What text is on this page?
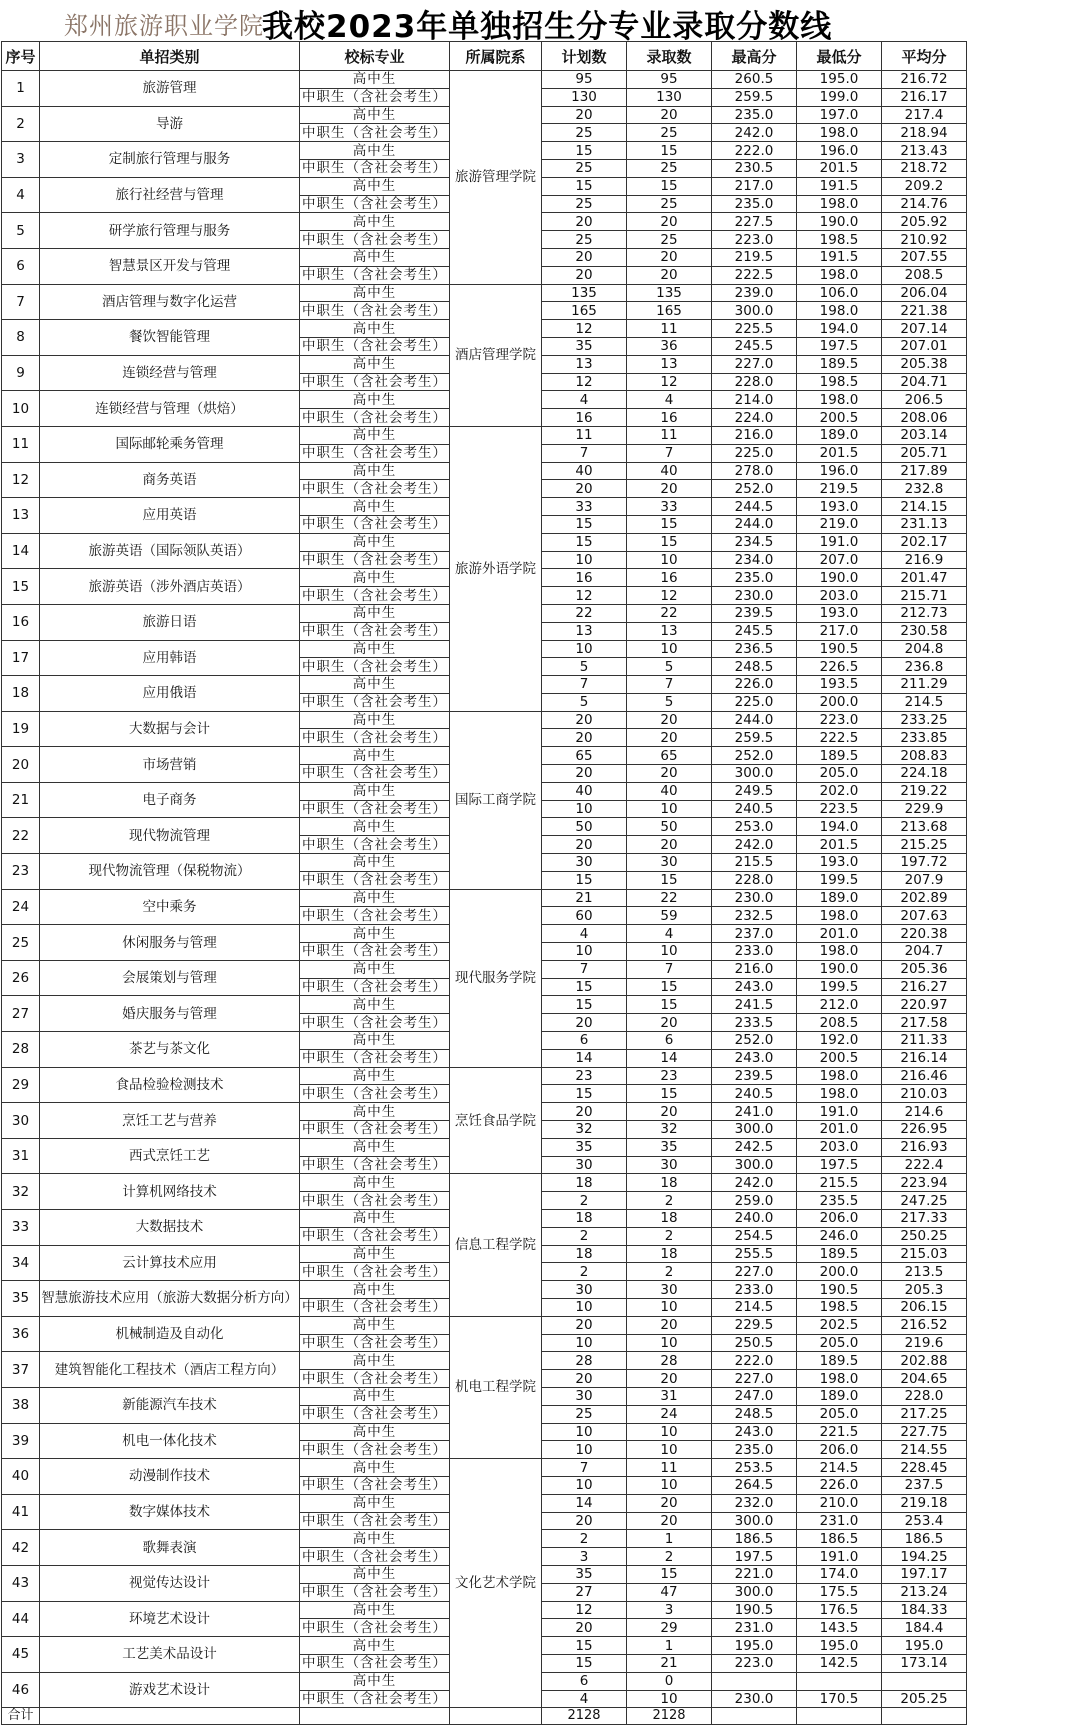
郑州旅游职业学院
我校2023年单独招生分专业录取分数线
序号	单招类别	校标专业	所属院系	计划数	录取数	最高分	最低分	平均分
1	旅游管理	高中生	旅游管理学院	95	95	260.5	195.0	216.72
		中职生（含社会考生）		130	130	259.5	199.0	216.17
2	导游	高中生		20	20	235.0	197.0	217.4
		中职生（含社会考生）		25	25	242.0	198.0	218.94
3	定制旅行管理与服务	高中生		15	15	222.0	196.0	213.43
		中职生（含社会考生）		25	25	230.5	201.5	218.72
4	旅行社经营与管理	高中生		15	15	217.0	191.5	209.2
		中职生（含社会考生）		25	25	235.0	198.0	214.76
5	研学旅行管理与服务	高中生		20	20	227.5	190.0	205.92
		中职生（含社会考生）		25	25	223.0	198.5	210.92
6	智慧景区开发与管理	高中生		20	20	219.5	191.5	207.55
		中职生（含社会考生）		20	20	222.5	198.0	208.5
7	酒店管理与数字化运营	高中生	酒店管理学院	135	135	239.0	106.0	206.04
		中职生（含社会考生）		165	165	300.0	198.0	221.38
8	餐饮智能管理	高中生		12	11	225.5	194.0	207.14
		中职生（含社会考生）		35	36	245.5	197.5	207.01
9	连锁经营与管理	高中生		13	13	227.0	189.5	205.38
		中职生（含社会考生）		12	12	228.0	198.5	204.71
10	连锁经营与管理（烘焙）	高中生		4	4	214.0	198.0	206.5
		中职生（含社会考生）		16	16	224.0	200.5	208.06
11	国际邮轮乘务管理	高中生	旅游外语学院	11	11	216.0	189.0	203.14
		中职生（含社会考生）		7	7	225.0	201.5	205.71
12	商务英语	高中生		40	40	278.0	196.0	217.89
		中职生（含社会考生）		20	20	252.0	219.5	232.8
13	应用英语	高中生		33	33	244.5	193.0	214.15
		中职生（含社会考生）		15	15	244.0	219.0	231.13
14	旅游英语（国际领队英语）	高中生		15	15	234.5	191.0	202.17
		中职生（含社会考生）		10	10	234.0	207.0	216.9
15	旅游英语（涉外酒店英语）	高中生		16	16	235.0	190.0	201.47
		中职生（含社会考生）		12	12	230.0	203.0	215.71
16	旅游日语	高中生		22	22	239.5	193.0	212.73
		中职生（含社会考生）		13	13	245.5	217.0	230.58
17	应用韩语	高中生		10	10	236.5	190.5	204.8
		中职生（含社会考生）		5	5	248.5	226.5	236.8
18	应用俄语	高中生		7	7	226.0	193.5	211.29
		中职生（含社会考生）		5	5	225.0	200.0	214.5
19	大数据与会计	高中生	国际工商学院	20	20	244.0	223.0	233.25
		中职生（含社会考生）		20	20	259.5	222.5	233.85
20	市场营销	高中生		65	65	252.0	189.5	208.83
		中职生（含社会考生）		20	20	300.0	205.0	224.18
21	电子商务	高中生		40	40	249.5	202.0	219.22
		中职生（含社会考生）		10	10	240.5	223.5	229.9
22	现代物流管理	高中生		50	50	253.0	194.0	213.68
		中职生（含社会考生）		20	20	242.0	201.5	215.25
23	现代物流管理（保税物流）	高中生		30	30	215.5	193.0	197.72
		中职生（含社会考生）		15	15	228.0	199.5	207.9
24	空中乘务	高中生	现代服务学院	21	22	230.0	189.0	202.89
		中职生（含社会考生）		60	59	232.5	198.0	207.63
25	休闲服务与管理	高中生		4	4	237.0	201.0	220.38
		中职生（含社会考生）		10	10	233.0	198.0	204.7
26	会展策划与管理	高中生		7	7	216.0	190.0	205.36
		中职生（含社会考生）		15	15	243.0	199.5	216.27
27	婚庆服务与管理	高中生		15	15	241.5	212.0	220.97
		中职生（含社会考生）		20	20	233.5	208.5	217.58
28	茶艺与茶文化	高中生		6	6	252.0	192.0	211.33
		中职生（含社会考生）		14	14	243.0	200.5	216.14
29	食品检验检测技术	高中生	烹饪食品学院	23	23	239.5	198.0	216.46
		中职生（含社会考生）		15	15	240.5	198.0	210.03
30	烹饪工艺与营养	高中生		20	20	241.0	191.0	214.6
		中职生（含社会考生）		32	32	300.0	201.0	226.95
31	西式烹饪工艺	高中生		35	35	242.5	203.0	216.93
		中职生（含社会考生）		30	30	300.0	197.5	222.4
32	计算机网络技术	高中生	信息工程学院	18	18	242.0	215.5	223.94
		中职生（含社会考生）		2	2	259.0	235.5	247.25
33	大数据技术	高中生		18	18	240.0	206.0	217.33
		中职生（含社会考生）		2	2	254.5	246.0	250.25
34	云计算技术应用	高中生		18	18	255.5	189.5	215.03
		中职生（含社会考生）		2	2	227.0	200.0	213.5
35	智慧旅游技术应用（旅游大数据分析方向）	高中生		30	30	233.0	190.5	205.3
		中职生（含社会考生）		10	10	214.5	198.5	206.15
36	机械制造及自动化	高中生	机电工程学院	20	20	229.5	202.5	216.52
		中职生（含社会考生）		10	10	250.5	205.0	219.6
37	建筑智能化工程技术（酒店工程方向）	高中生		28	28	222.0	189.5	202.88
		中职生（含社会考生）		20	20	227.0	198.0	204.65
38	新能源汽车技术	高中生		30	31	247.0	189.0	228.0
		中职生（含社会考生）		25	24	248.5	205.0	217.25
39	机电一体化技术	高中生		10	10	243.0	221.5	227.75
		中职生（含社会考生）		10	10	235.0	206.0	214.55
40	动漫制作技术	高中生	文化艺术学院	7	11	253.5	214.5	228.45
		中职生（含社会考生）		10	10	264.5	226.0	237.5
41	数字媒体技术	高中生		14	20	232.0	210.0	219.18
		中职生（含社会考生）		20	20	300.0	231.0	253.4
42	歌舞表演	高中生		2	1	186.5	186.5	186.5
		中职生（含社会考生）		3	2	197.5	191.0	194.25
43	视觉传达设计	高中生		35	15	221.0	174.0	197.17
		中职生（含社会考生）		27	47	300.0	175.5	213.24
44	环境艺术设计	高中生		12	3	190.5	176.5	184.33
		中职生（含社会考生）		20	29	231.0	143.5	184.4
45	工艺美术品设计	高中生		15	1	195.0	195.0	195.0
		中职生（含社会考生）		15	21	223.0	142.5	173.14
46	游戏艺术设计	高中生		6	0			
		中职生（含社会考生）		4	10	230.0	170.5	205.25
合计				2128	2128			
